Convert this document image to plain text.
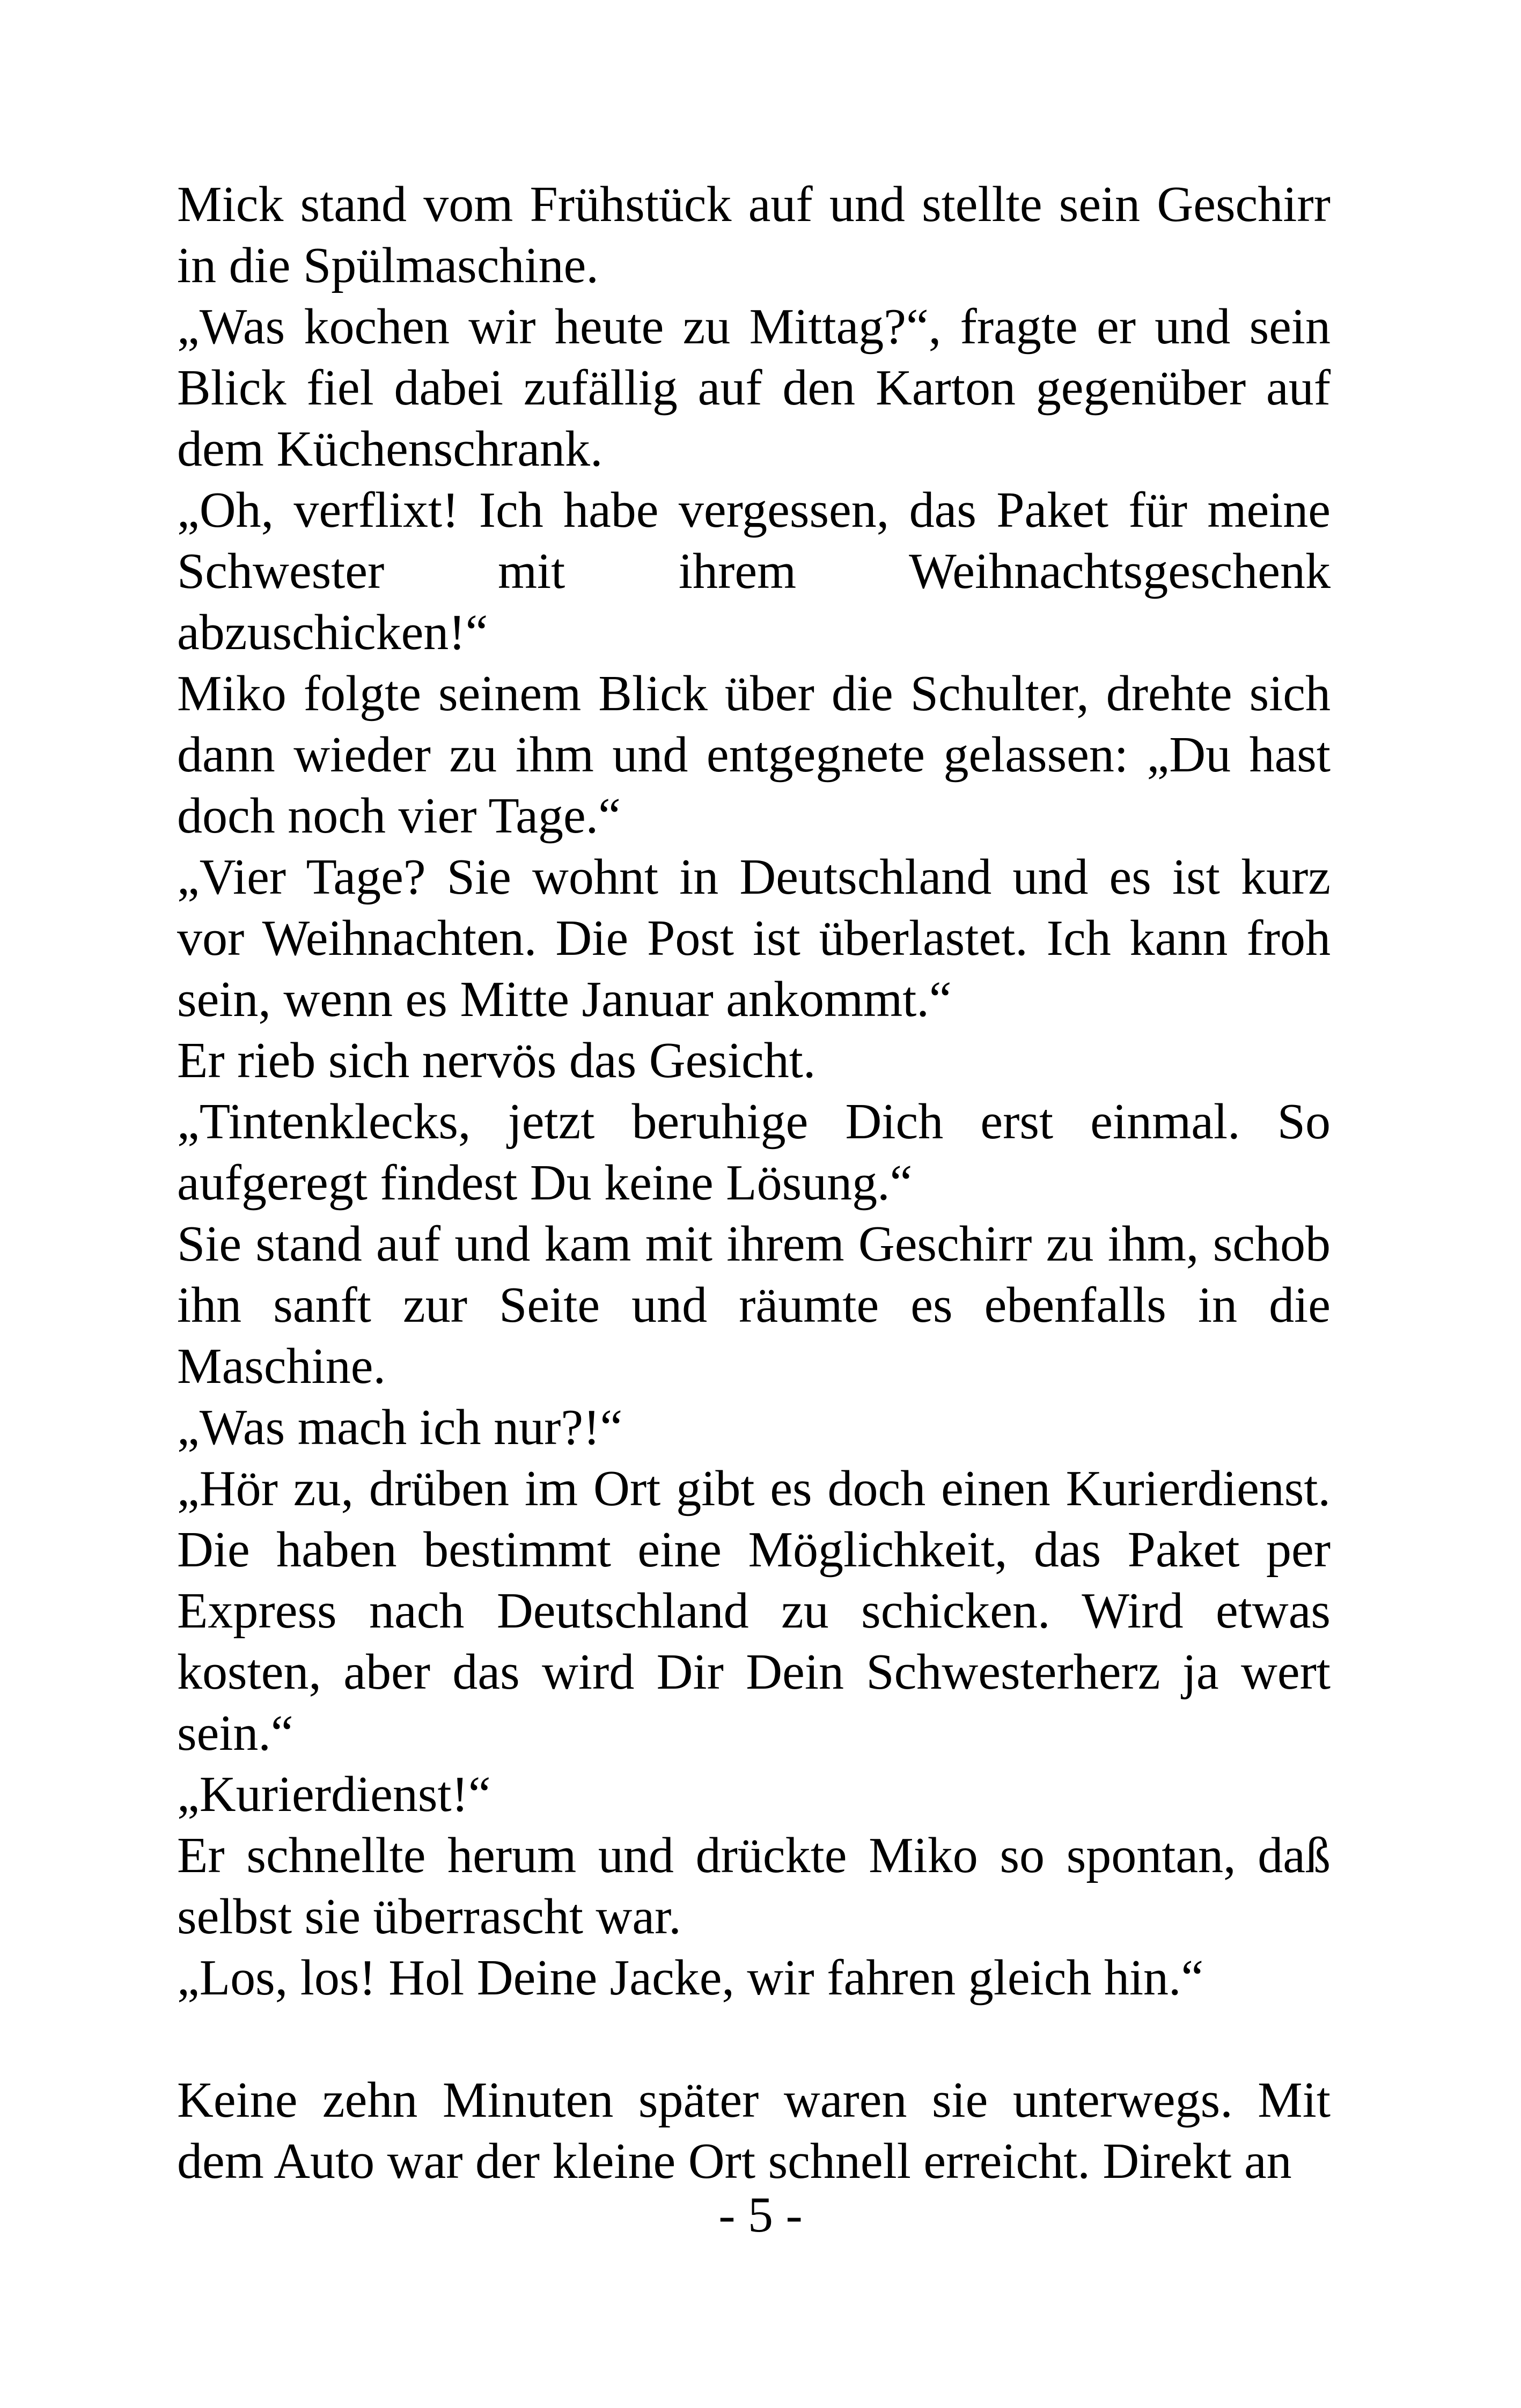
Mick stand vom Frühstück auf und stellte sein Geschirr in die Spülmaschine.

„Was kochen wir heute zu Mittag?“, fragte er und sein Blick fiel dabei zufällig auf den Karton gegenüber auf dem Küchenschrank.

„Oh, verflixt! Ich habe vergessen, das Paket für meine Schwester mit ihrem Weihnachtsgeschenk abzuschicken!“

Miko folgte seinem Blick über die Schulter, drehte sich dann wieder zu ihm und entgegnete gelassen: „Du hast doch noch vier Tage.“

„Vier Tage? Sie wohnt in Deutschland und es ist kurz vor Weihnachten. Die Post ist überlastet. Ich kann froh sein, wenn es Mitte Januar ankommt.“

Er rieb sich nervös das Gesicht.

„Tintenklecks, jetzt beruhige Dich erst einmal. So aufgeregt findest Du keine Lösung.“

Sie stand auf und kam mit ihrem Geschirr zu ihm, schob ihn sanft zur Seite und räumte es ebenfalls in die Maschine.

„Was mach ich nur?!“

„Hör zu, drüben im Ort gibt es doch einen Kurierdienst. Die haben bestimmt eine Möglichkeit, das Paket per Express nach Deutschland zu schicken. Wird etwas kosten, aber das wird Dir Dein Schwesterherz ja wert sein.“

„Kurierdienst!“

Er schnellte herum und drückte Miko so spontan, daß selbst sie überrascht war.

„Los, los! Hol Deine Jacke, wir fahren gleich hin.“

Keine zehn Minuten später waren sie unterwegs. Mit dem Auto war der kleine Ort schnell erreicht. Direkt an

- 5 -
